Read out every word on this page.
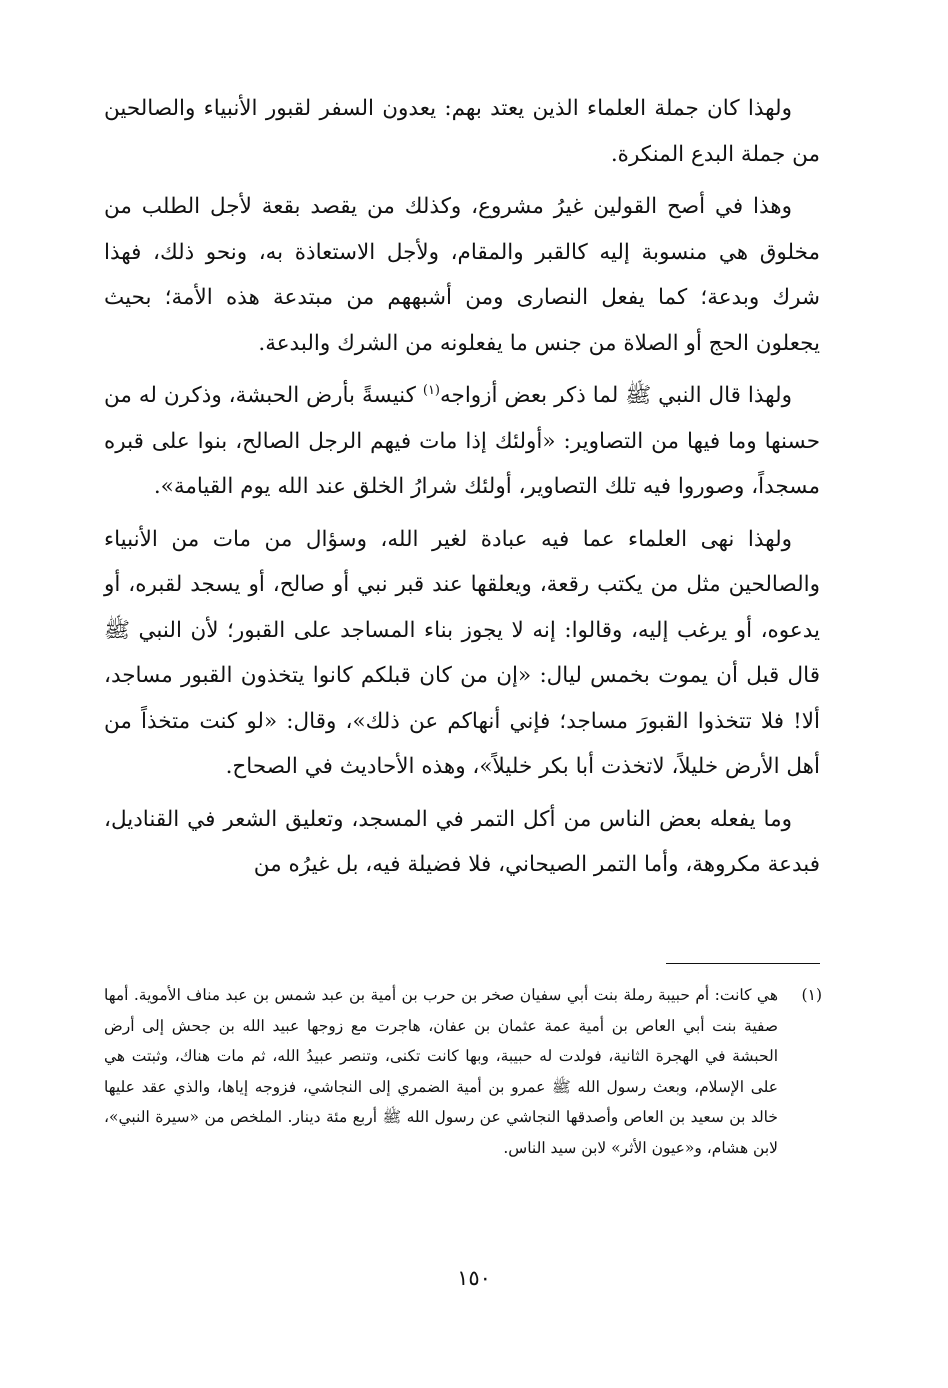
ولهذا كان جملة العلماء الذين يعتد بهم: يعدون السفر لقبور الأنبياء والصالحين من جملة البدع المنكرة.

وهذا في أصح القولين غيرُ مشروع، وكذلك من يقصد بقعة لأجل الطلب من مخلوق هي منسوبة إليه كالقبر والمقام، ولأجل الاستعاذة به، ونحو ذلك، فهذا شرك وبدعة؛ كما يفعل النصارى ومن أشبههم من مبتدعة هذه الأمة؛ بحيث يجعلون الحج أو الصلاة من جنس ما يفعلونه من الشرك والبدعة.

ولهذا قال النبي ﷺ لما ذكر بعض أزواجه$^{(١)}$ كنيسةً بأرض الحبشة، وذكرن له من حسنها وما فيها من التصاوير: «أولئك إذا مات فيهم الرجل الصالح، بنوا على قبره مسجداً، وصوروا فيه تلك التصاوير، أولئك شرارُ الخلق عند الله يوم القيامة».

ولهذا نهى العلماء عما فيه عبادة لغير الله، وسؤال من مات من الأنبياء والصالحين مثل من يكتب رقعة، ويعلقها عند قبر نبي أو صالح، أو يسجد لقبره، أو يدعوه، أو يرغب إليه، وقالوا: إنه لا يجوز بناء المساجد على القبور؛ لأن النبي ﷺ قال قبل أن يموت بخمس ليال: «إن من كان قبلكم كانوا يتخذون القبور مساجد، ألا! فلا تتخذوا القبورَ مساجد؛ فإني أنهاكم عن ذلك»، وقال: «لو كنت متخذاً من أهل الأرض خليلاً، لاتخذت أبا بكر خليلاً»، وهذه الأحاديث في الصحاح.

وما يفعله بعض الناس من أكل التمر في المسجد، وتعليق الشعر في القناديل، فبدعة مكروهة، وأما التمر الصيحاني، فلا فضيلة فيه، بل غيرُه من

(١)
هي كانت: أم حبيبة رملة بنت أبي سفيان صخر بن حرب بن أمية بن عبد شمس بن عبد مناف الأموية. أمها صفية بنت أبي العاص بن أمية عمة عثمان بن عفان، هاجرت مع زوجها عبيد الله بن جحش إلى أرض الحبشة في الهجرة الثانية، فولدت له حبيبة، وبها كانت تكنى، وتنصر عبيدُ الله، ثم مات هناك، وثبتت هي على الإسلام، وبعث رسول الله ﷺ عمرو بن أمية الضمري إلى النجاشي، فزوجه إياها، والذي عقد عليها خالد بن سعيد بن العاص وأصدقها النجاشي عن رسول الله ﷺ أربع مئة دينار. الملخص من «سيرة النبي»، لابن هشام، و«عيون الأثر» لابن سيد الناس.
١٥٠
